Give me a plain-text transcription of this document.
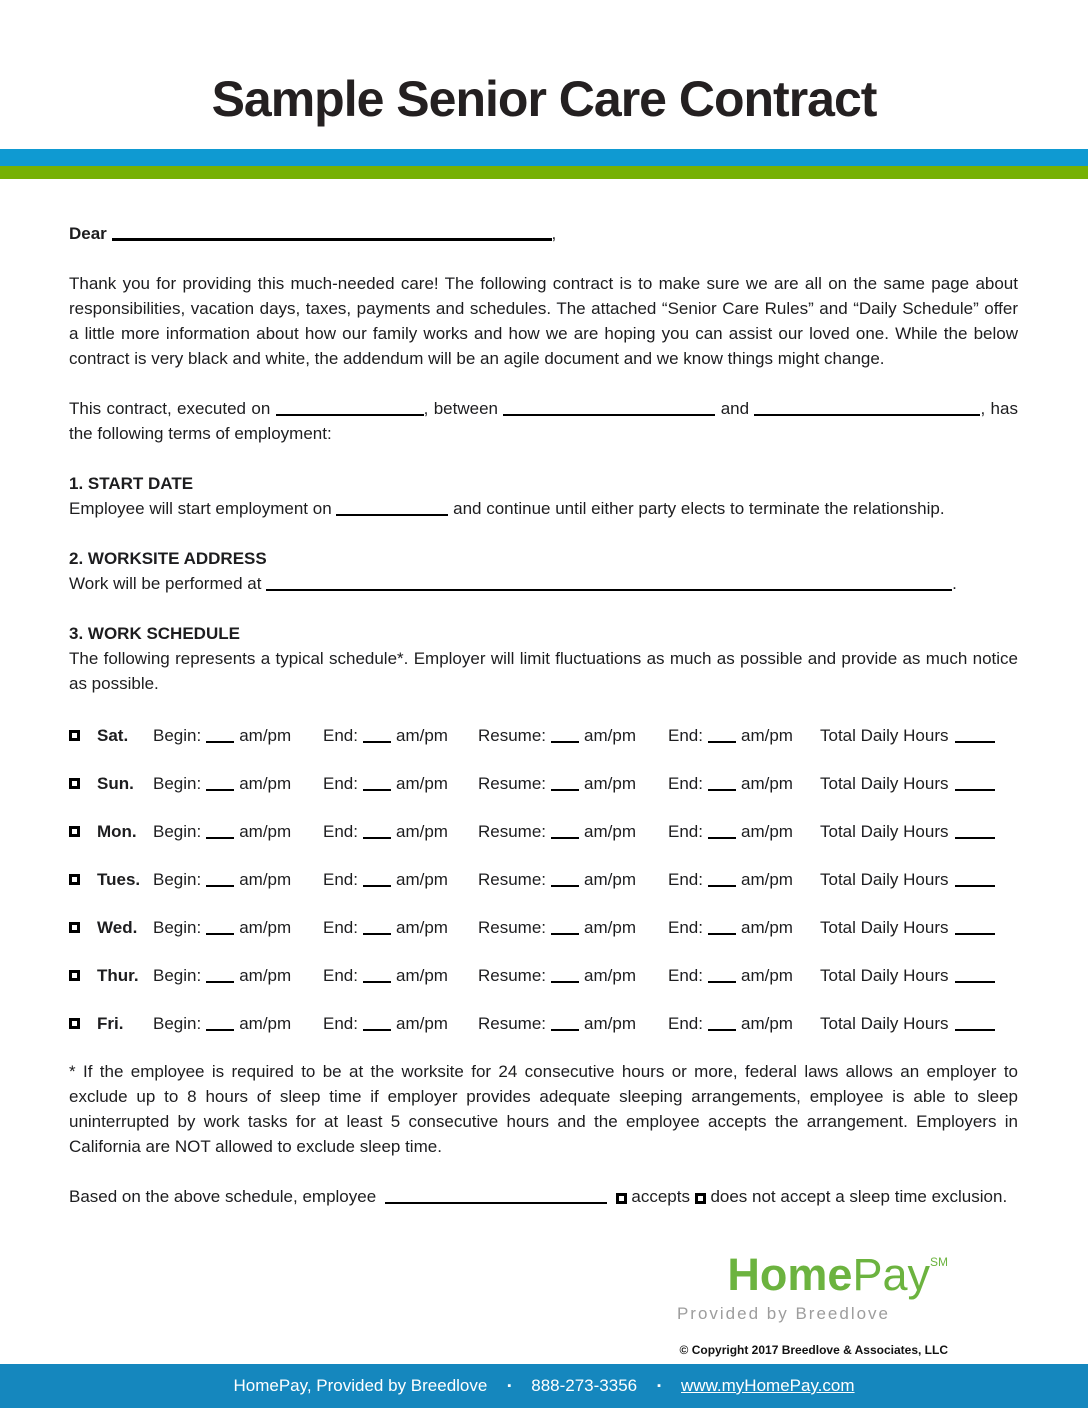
Sample Senior Care Contract

Dear	,

Thank you for providing this much-needed care! The following contract is to make sure we are all on the same page about responsibilities, vacation days, taxes, payments and schedules. The attached “Senior Care Rules” and “Daily Schedule” offer a little more information about how our family works and how we are hoping you can assist our loved one. While the below contract is very black and white, the addendum will be an agile document and we know things might change.

This contract, executed on	, between	and	, has the following terms of employment:

1. START DATE

Employee will start employment on	and continue until either party elects to terminate the relationship.

2. WORKSITE ADDRESS

Work will be performed at	.

3. WORK SCHEDULE

The following represents a typical schedule*. Employer will limit fluctuations as much as possible and provide as much notice as possible.

Sat.	Begin: am/pm	End: am/pm	Resume: am/pm	End: am/pm	Total Daily Hours
Sun.	Begin: am/pm	End: am/pm	Resume: am/pm	End: am/pm	Total Daily Hours
Mon. Begin: am/pm	End: am/pm	Resume: am/pm	End: am/pm	Total Daily Hours
Tues. Begin: am/pm	End: am/pm	Resume: am/pm	End: am/pm	Total Daily Hours
Wed. Begin: am/pm	End: am/pm	Resume: am/pm	End: am/pm	Total Daily Hours
Thur. Begin: am/pm	End: am/pm	Resume: am/pm	End: am/pm	Total Daily Hours
Fri.	Begin: am/pm	End: am/pm	Resume: am/pm	End: am/pm	Total Daily Hours

* If the employee is required to be at the worksite for 24 consecutive hours or more, federal laws allows an employer to exclude up to 8 hours of sleep time if employer provides adequate sleeping arrangements, employee is able to sleep uninterrupted by work tasks for at least 5 consecutive hours and the employee accepts the arrangement. Employers in California are NOT allowed to exclude sleep time.

Based on the above schedule, employee	accepts does not accept a sleep time exclusion.

HomePay℠
Provided by Breedlove
© Copyright 2017 Breedlove & Associates, LLC
HomePay, Provided by Breedlove ▪ 888-273-3356 ▪ www.myHomePay.com
